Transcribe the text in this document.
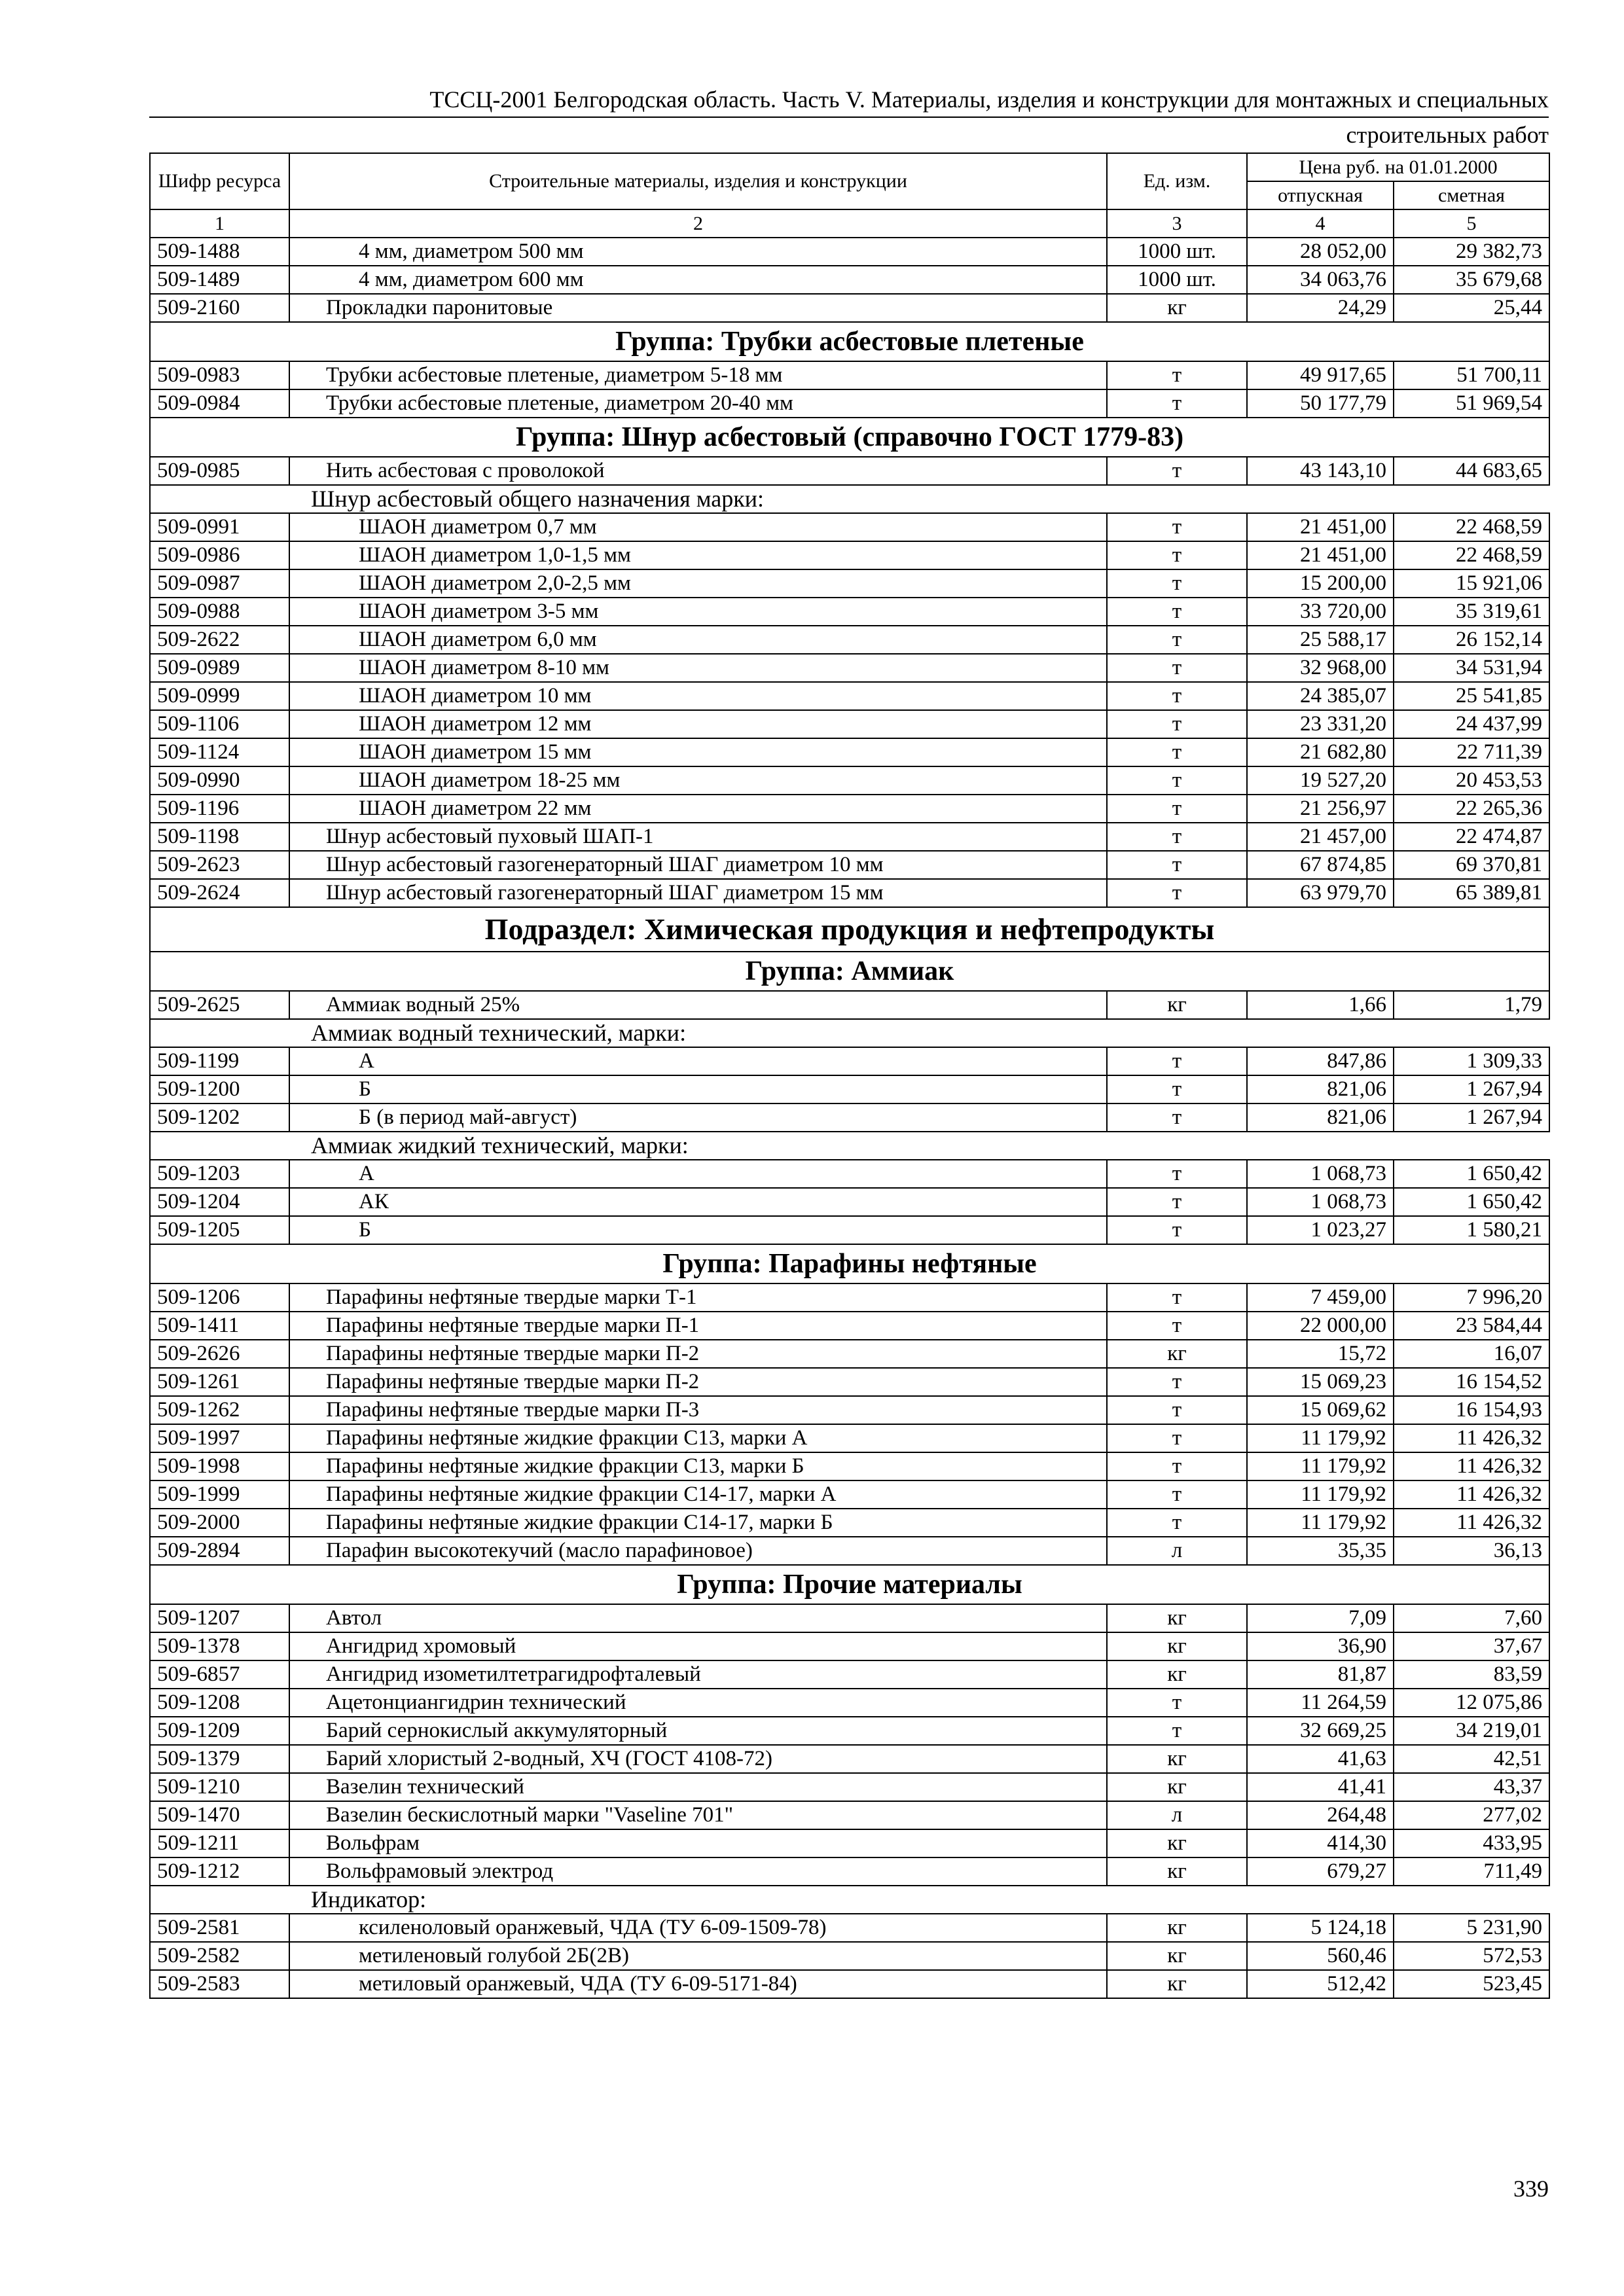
ТССЦ-2001 Белгородская область. Часть V. Материалы, изделия и конструкции для монтажных и специальных
строительных работ
Шифр ресурса	Строительные материалы, изделия и конструкции	Ед. изм.	Цена руб. на 01.01.2000	
			отпускная	сметная
1	2	3	4	5
509-1488	4 мм, диаметром 500 мм	1000 шт.	28 052,00	29 382,73
509-1489	4 мм, диаметром 600 мм	1000 шт.	34 063,76	35 679,68
509-2160	Прокладки паронитовые	кг	24,29	25,44
Группа: Трубки асбестовые плетеные				
509-0983	Трубки асбестовые плетеные, диаметром 5-18 мм	т	49 917,65	51 700,11
509-0984	Трубки асбестовые плетеные, диаметром 20-40 мм	т	50 177,79	51 969,54
Группа: Шнур асбестовый (справочно ГОСТ 1779-83)				
509-0985	Нить асбестовая с проволокой	т	43 143,10	44 683,65
	Шнур асбестовый общего назначения марки:			
509-0991	ШАОН диаметром 0,7 мм	т	21 451,00	22 468,59
509-0986	ШАОН диаметром 1,0-1,5 мм	т	21 451,00	22 468,59
509-0987	ШАОН диаметром 2,0-2,5 мм	т	15 200,00	15 921,06
509-0988	ШАОН диаметром 3-5 мм	т	33 720,00	35 319,61
509-2622	ШАОН диаметром 6,0 мм	т	25 588,17	26 152,14
509-0989	ШАОН диаметром 8-10 мм	т	32 968,00	34 531,94
509-0999	ШАОН диаметром 10 мм	т	24 385,07	25 541,85
509-1106	ШАОН диаметром 12 мм	т	23 331,20	24 437,99
509-1124	ШАОН диаметром 15 мм	т	21 682,80	22 711,39
509-0990	ШАОН диаметром 18-25 мм	т	19 527,20	20 453,53
509-1196	ШАОН диаметром 22 мм	т	21 256,97	22 265,36
509-1198	Шнур асбестовый пуховый ШАП-1	т	21 457,00	22 474,87
509-2623	Шнур асбестовый газогенераторный ШАГ диаметром 10 мм	т	67 874,85	69 370,81
509-2624	Шнур асбестовый газогенераторный ШАГ диаметром 15 мм	т	63 979,70	65 389,81
Подраздел: Химическая продукция и нефтепродукты				
Группа: Аммиак				
509-2625	Аммиак водный 25%	кг	1,66	1,79
	Аммиак водный технический, марки:			
509-1199	А	т	847,86	1 309,33
509-1200	Б	т	821,06	1 267,94
509-1202	Б (в период май-август)	т	821,06	1 267,94
	Аммиак жидкий технический, марки:			
509-1203	А	т	1 068,73	1 650,42
509-1204	АК	т	1 068,73	1 650,42
509-1205	Б	т	1 023,27	1 580,21
Группа: Парафины нефтяные				
509-1206	Парафины нефтяные твердые марки Т-1	т	7 459,00	7 996,20
509-1411	Парафины нефтяные твердые марки П-1	т	22 000,00	23 584,44
509-2626	Парафины нефтяные твердые марки П-2	кг	15,72	16,07
509-1261	Парафины нефтяные твердые марки П-2	т	15 069,23	16 154,52
509-1262	Парафины нефтяные твердые марки П-3	т	15 069,62	16 154,93
509-1997	Парафины нефтяные жидкие фракции С13, марки А	т	11 179,92	11 426,32
509-1998	Парафины нефтяные жидкие фракции С13, марки Б	т	11 179,92	11 426,32
509-1999	Парафины нефтяные жидкие фракции С14-17, марки А	т	11 179,92	11 426,32
509-2000	Парафины нефтяные жидкие фракции С14-17, марки Б	т	11 179,92	11 426,32
509-2894	Парафин высокотекучий (масло парафиновое)	л	35,35	36,13
Группа: Прочие материалы				
509-1207	Автол	кг	7,09	7,60
509-1378	Ангидрид хромовый	кг	36,90	37,67
509-6857	Ангидрид изометилтетрагидрофталевый	кг	81,87	83,59
509-1208	Ацетонциангидрин технический	т	11 264,59	12 075,86
509-1209	Барий сернокислый аккумуляторный	т	32 669,25	34 219,01
509-1379	Барий хлористый 2-водный, ХЧ (ГОСТ 4108-72)	кг	41,63	42,51
509-1210	Вазелин технический	кг	41,41	43,37
509-1470	Вазелин бескислотный марки "Vaseline 701"	л	264,48	277,02
509-1211	Вольфрам	кг	414,30	433,95
509-1212	Вольфрамовый электрод	кг	679,27	711,49
	Индикатор:			
509-2581	ксиленоловый оранжевый, ЧДА (ТУ 6-09-1509-78)	кг	5 124,18	5 231,90
509-2582	метиленовый голубой 2Б(2В)	кг	560,46	572,53
509-2583	метиловый оранжевый, ЧДА (ТУ 6-09-5171-84)	кг	512,42	523,45
339
